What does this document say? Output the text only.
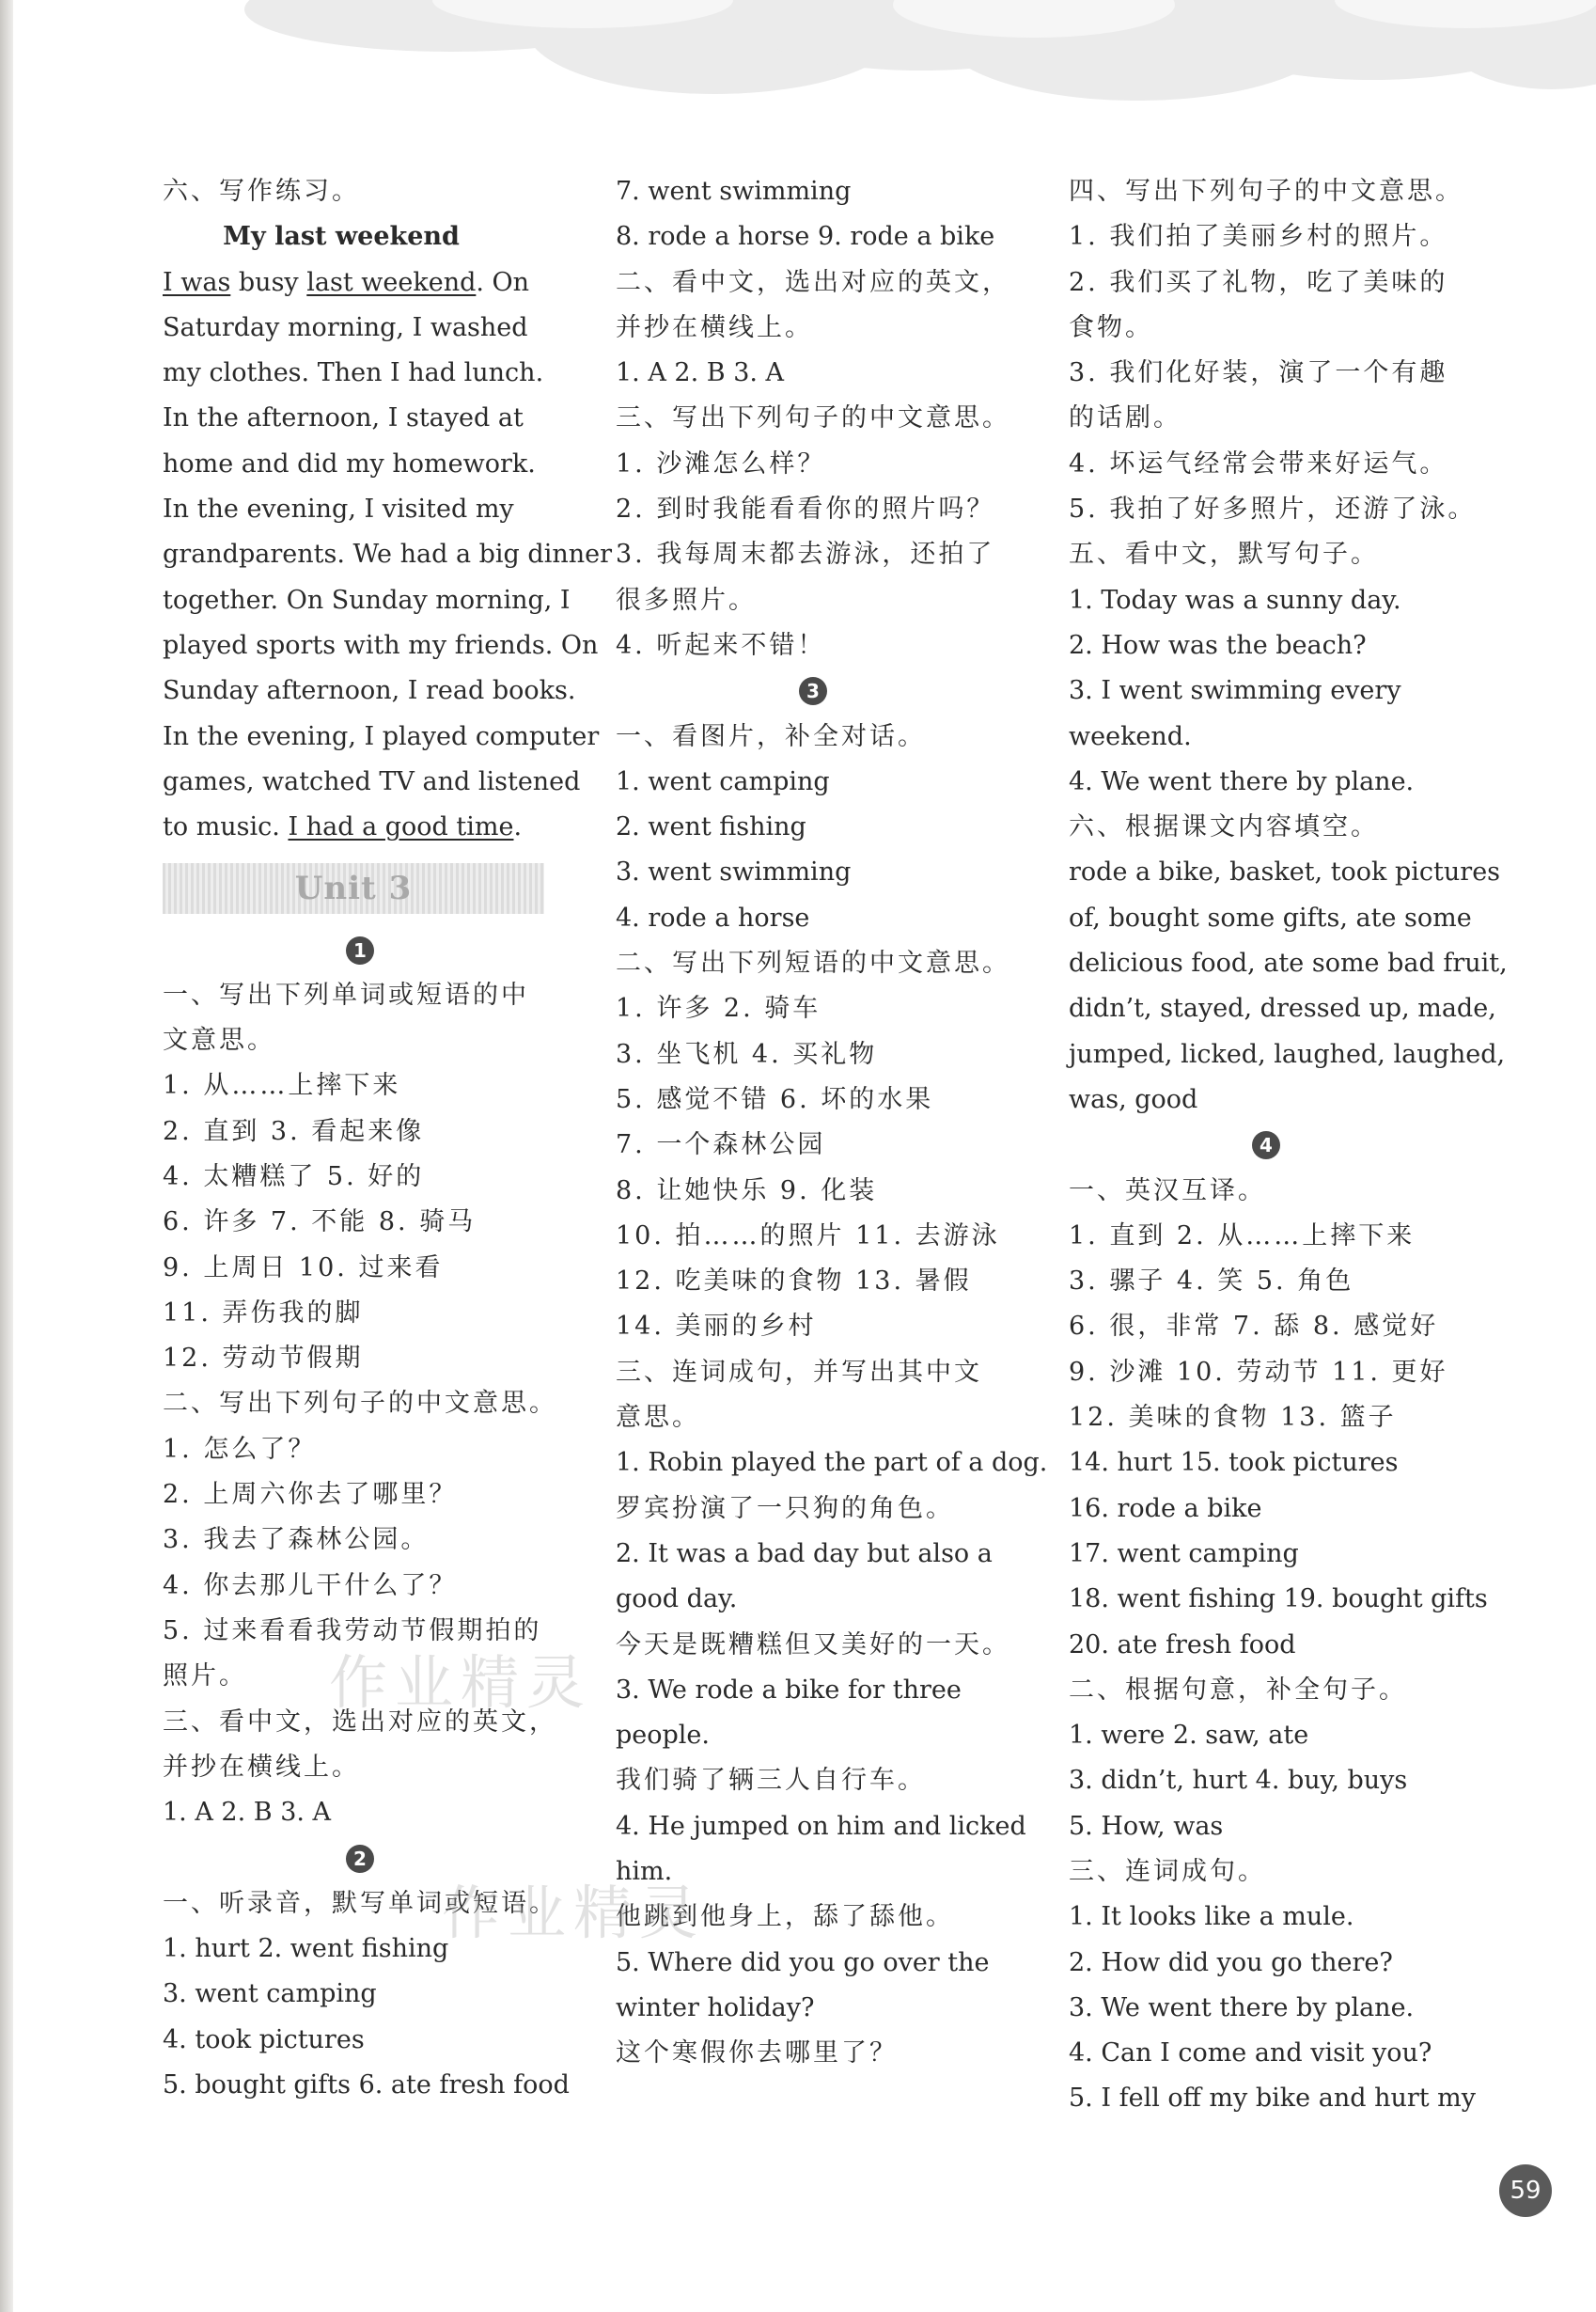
六、写作练习。
My last weekend
I was busy last weekend. On
Saturday morning, I washed
my clothes. Then I had lunch.
In the afternoon, I stayed at
home and did my homework.
In the evening, I visited my
grandparents. We had a big dinner
together. On Sunday morning, I
played sports with my friends. On
Sunday afternoon, I read books.
In the evening, I played computer
games, watched TV and listened
to music. I had a good time.
Unit 3
1
一、写出下列单词或短语的中
文意思。
1. 从……上摔下来
2. 直到 3. 看起来像
4. 太糟糕了 5. 好的
6. 许多 7. 不能 8. 骑马
9. 上周日 10. 过来看
11. 弄伤我的脚
12. 劳动节假期
二、写出下列句子的中文意思。
1. 怎么了？
2. 上周六你去了哪里？
3. 我去了森林公园。
4. 你去那儿干什么了？
5. 过来看看我劳动节假期拍的
照片。
三、看中文，选出对应的英文，
并抄在横线上。
1. A 2. B 3. A
2
一、听录音，默写单词或短语。
1. hurt 2. went fishing
3. went camping
4. took pictures
5. bought gifts 6. ate fresh food
7. went swimming
8. rode a horse 9. rode a bike
二、看中文，选出对应的英文，
并抄在横线上。
1. A 2. B 3. A
三、写出下列句子的中文意思。
1. 沙滩怎么样？
2. 到时我能看看你的照片吗？
3. 我每周末都去游泳，还拍了
很多照片。
4. 听起来不错！
3
一、看图片，补全对话。
1. went camping
2. went fishing
3. went swimming
4. rode a horse
二、写出下列短语的中文意思。
1. 许多 2. 骑车
3. 坐飞机 4. 买礼物
5. 感觉不错 6. 坏的水果
7. 一个森林公园
8. 让她快乐 9. 化装
10. 拍……的照片 11. 去游泳
12. 吃美味的食物 13. 暑假
14. 美丽的乡村
三、连词成句，并写出其中文
意思。
1. Robin played the part of a dog.
罗宾扮演了一只狗的角色。
2. It was a bad day but also a
good day.
今天是既糟糕但又美好的一天。
3. We rode a bike for three
people.
我们骑了辆三人自行车。
4. He jumped on him and licked
him.
他跳到他身上，舔了舔他。
5. Where did you go over the
winter holiday?
这个寒假你去哪里了？
四、写出下列句子的中文意思。
1. 我们拍了美丽乡村的照片。
2. 我们买了礼物，吃了美味的
食物。
3. 我们化好装，演了一个有趣
的话剧。
4. 坏运气经常会带来好运气。
5. 我拍了好多照片，还游了泳。
五、看中文，默写句子。
1. Today was a sunny day.
2. How was the beach?
3. I went swimming every
weekend.
4. We went there by plane.
六、根据课文内容填空。
rode a bike, basket, took pictures
of, bought some gifts, ate some
delicious food, ate some bad fruit,
didn’t, stayed, dressed up, made,
jumped, licked, laughed, laughed,
was, good
4
一、英汉互译。
1. 直到 2. 从……上摔下来
3. 骡子 4. 笑 5. 角色
6. 很，非常 7. 舔 8. 感觉好
9. 沙滩 10. 劳动节 11. 更好
12. 美味的食物 13. 篮子
14. hurt 15. took pictures
16. rode a bike
17. went camping
18. went fishing 19. bought gifts
20. ate fresh food
二、根据句意，补全句子。
1. were 2. saw, ate
3. didn’t, hurt 4. buy, buys
5. How, was
三、连词成句。
1. It looks like a mule.
2. How did you go there?
3. We went there by plane.
4. Can I come and visit you?
5. I fell off my bike and hurt my
作业精灵
作业精灵
59
